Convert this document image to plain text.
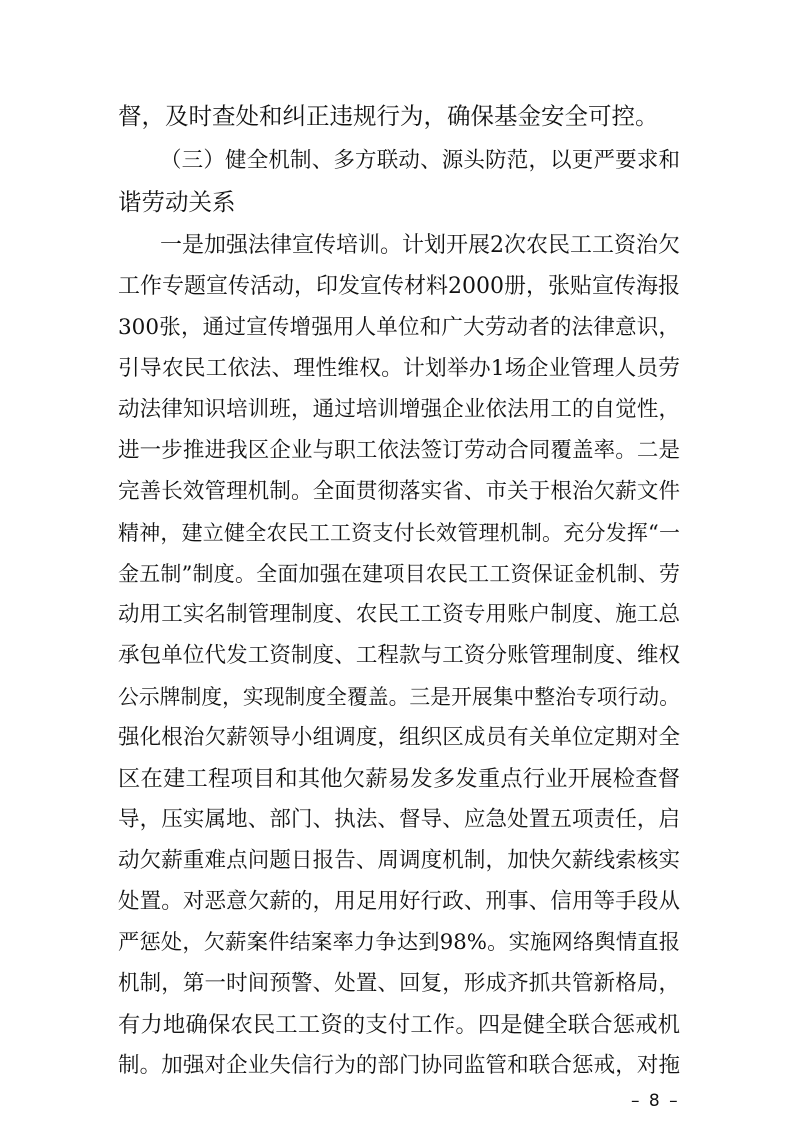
督，及时查处和纠正违规行为，确保基金安全可控。
（三）健全机制、多方联动、源头防范，以更严要求和
谐劳动关系
一是加强法律宣传培训。计划开展2次农民工工资治欠
工作专题宣传活动，印发宣传材料2000册，张贴宣传海报
300张，通过宣传增强用人单位和广大劳动者的法律意识，
引导农民工依法、理性维权。计划举办1场企业管理人员劳
动法律知识培训班，通过培训增强企业依法用工的自觉性，
进一步推进我区企业与职工依法签订劳动合同覆盖率。二是
完善长效管理机制。全面贯彻落实省、市关于根治欠薪文件
精神，建立健全农民工工资支付长效管理机制。充分发挥“一
金五制”制度。全面加强在建项目农民工工资保证金机制、劳
动用工实名制管理制度、农民工工资专用账户制度、施工总
承包单位代发工资制度、工程款与工资分账管理制度、维权
公示牌制度，实现制度全覆盖。三是开展集中整治专项行动。
强化根治欠薪领导小组调度，组织区成员有关单位定期对全
区在建工程项目和其他欠薪易发多发重点行业开展检查督
导，压实属地、部门、执法、督导、应急处置五项责任，启
动欠薪重难点问题日报告、周调度机制，加快欠薪线索核实
处置。对恶意欠薪的，用足用好行政、刑事、信用等手段从
严惩处，欠薪案件结案率力争达到98%。实施网络舆情直报
机制，第一时间预警、处置、回复，形成齐抓共管新格局，
有力地确保农民工工资的支付工作。四是健全联合惩戒机
制。加强对企业失信行为的部门协同监管和联合惩戒，对拖
– 8 –
